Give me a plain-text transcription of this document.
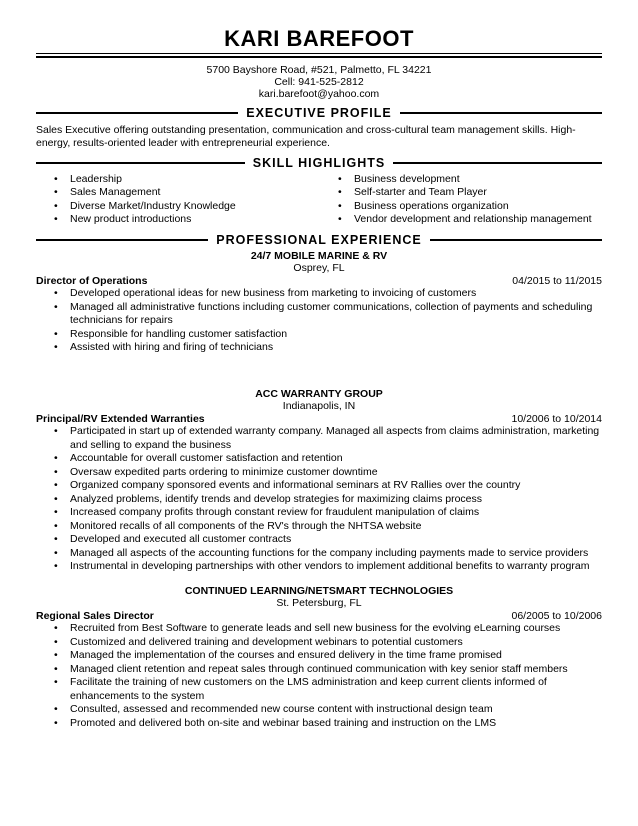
KARI BAREFOOT
5700 Bayshore Road, #521, Palmetto, FL 34221
Cell: 941-525-2812
kari.barefoot@yahoo.com
EXECUTIVE PROFILE
Sales Executive offering outstanding presentation, communication and cross-cultural team management skills. High-energy, results-oriented leader with entrepreneurial experience.
SKILL HIGHLIGHTS
• Leadership
• Sales Management
• Diverse Market/Industry Knowledge
• New product introductions
• Business development
• Self-starter and Team Player
• Business operations organization
• Vendor development and relationship management
PROFESSIONAL EXPERIENCE
24/7 MOBILE MARINE & RV
Osprey, FL
Director of Operations	04/2015 to 11/2015
• Developed operational ideas for new business from marketing to invoicing of customers
• Managed all administrative functions including customer communications, collection of payments and scheduling technicians for repairs
• Responsible for handling customer satisfaction
• Assisted with hiring and firing of technicians
ACC WARRANTY GROUP
Indianapolis, IN
Principal/RV Extended Warranties	10/2006 to 10/2014
• Participated in start up of extended warranty company. Managed all aspects from claims administration, marketing and selling to expand the business
• Accountable for overall customer satisfaction and retention
• Oversaw expedited parts ordering to minimize customer downtime
• Organized company sponsored events and informational seminars at RV Rallies over the country
• Analyzed problems, identify trends and develop strategies for maximizing claims process
• Increased company profits through constant review for fraudulent manipulation of claims
• Monitored recalls of all components of the RV's through the NHTSA website
• Developed and executed all customer contracts
• Managed all aspects of the accounting functions for the company including payments made to service providers
• Instrumental in developing partnerships with other vendors to implement additional benefits to warranty program
CONTINUED LEARNING/NETSMART TECHNOLOGIES
St. Petersburg, FL
Regional Sales Director	06/2005 to 10/2006
• Recruited from Best Software to generate leads and sell new business for the evolving eLearning courses
• Customized and delivered training and development webinars to potential customers
• Managed the implementation of the courses and ensured delivery in the time frame promised
• Managed client retention and repeat sales through continued communication with key senior staff members
• Facilitate the training of new customers on the LMS administration and keep current clients informed of enhancements to the system
• Consulted, assessed and recommended new course content with instructional design team
• Promoted and delivered both on-site and webinar based training and instruction on the LMS
